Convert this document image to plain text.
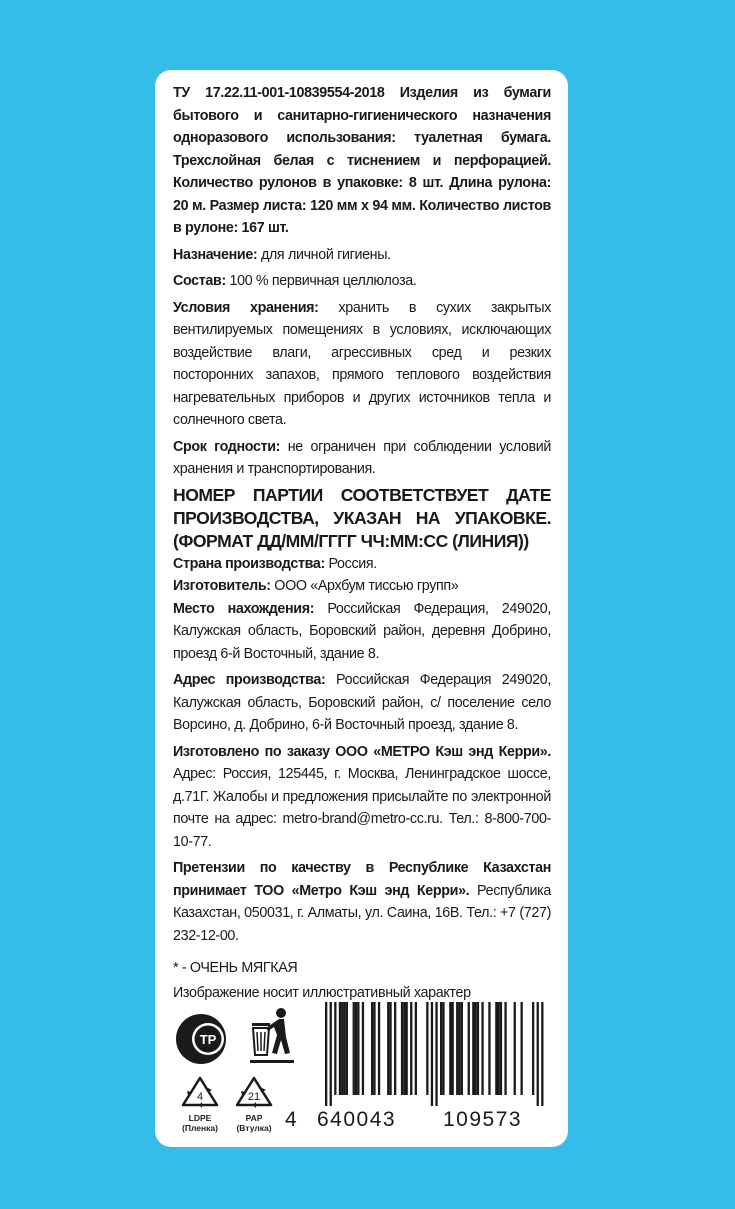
ТУ 17.22.11-001-10839554-2018 Изделия из бумаги бытового и санитарно-гигиенического назначения одноразового использования: туалетная бумага. Трехслойная белая с тиснением и перфорацией. Количество рулонов в упаковке: 8 шт. Длина рулона: 20 м. Размер листа: 120 мм х 94 мм. Количество листов в рулоне: 167 шт.

Назначение: для личной гигиены.

Состав: 100 % первичная целлюлоза.

Условия хранения: хранить в сухих закрытых вентилируемых помещениях в условиях, исключающих воздействие влаги, агрессивных сред и резких посторонних запахов, прямого теплового воздействия нагревательных приборов и других источников тепла и солнечного света.

Срок годности: не ограничен при соблюдении условий хранения и транспортирования.

НОМЕР ПАРТИИ СООТВЕТСТВУЕТ ДАТЕ ПРОИЗВОДСТВА, УКАЗАН НА УПАКОВКЕ. (ФОРМАТ ДД/ММ/ГГГГ ЧЧ:ММ:СС (ЛИНИЯ))

Страна производства: Россия.

Изготовитель: ООО «Архбум тиссью групп»

Место нахождения: Российская Федерация, 249020, Калужская область, Боровский район, деревня Добрино, проезд 6-й Восточный, здание 8.

Адрес производства: Российская Федерация 249020, Калужская область, Боровский район, с/ поселение село Ворсино, д. Добрино, 6-й Восточный проезд, здание 8.

Изготовлено по заказу ООО «МЕТРО Кэш энд Керри». Адрес: Россия, 125445, г. Москва, Ленинградское шоссе, д.71Г. Жалобы и предложения присылайте по электронной почте на адрес: metro-brand@metro-cc.ru. Тел.: 8-800-700-10-77.

Претензии по качеству в Республике Казахстан принимает ТОО «Метро Кэш энд Керри». Республика Казахстан, 050031, г. Алматы, ул. Саина, 16В. Тел.: +7 (727) 232-12-00.

* - ОЧЕНЬ МЯГКАЯ

Изображение носит иллюстративный характер

ТР
4
LDPE
(Пленка)
21
PAP
(Втулка) 4 640043 109573
